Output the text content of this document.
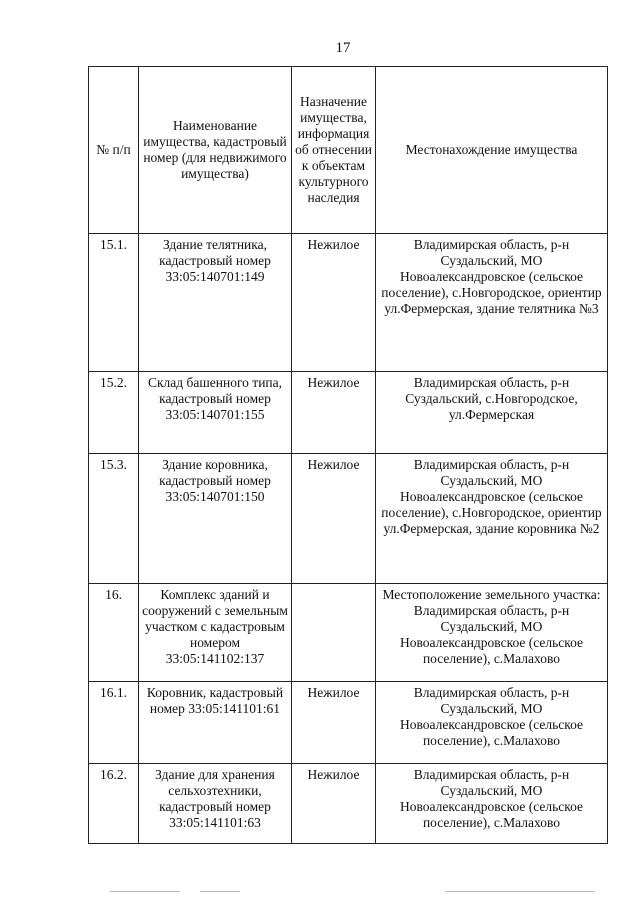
17
№ п/п	Наименование имущества, кадастровый номер (для недвижимого имущества)	Назначение имущества, информация об отнесении к объектам культурного наследия	Местонахождение имущества
15.1.	Здание телятника, кадастровый номер 33:05:140701:149	Нежилое	Владимирская область, р-н Суздальский, МО Новоалександровское (сельское поселение), с.Новгородское, ориентир ул.Фермерская, здание телятника №3
15.2.	Склад башенного типа, кадастровый номер 33:05:140701:155	Нежилое	Владимирская область, р-н Суздальский, с.Новгородское, ул.Фермерская
15.3.	Здание коровника, кадастровый номер 33:05:140701:150	Нежилое	Владимирская область, р-н Суздальский, МО Новоалександровское (сельское поселение), с.Новгородское, ориентир ул.Фермерская, здание коровника №2
16.	Комплекс зданий и сооружений с земельным участком с кадастровым номером 33:05:141102:137		Местоположение земельного участка: Владимирская область, р-н Суздальский, МО Новоалександровское (сельское поселение), с.Малахово
16.1.	Коровник, кадастровый номер 33:05:141101:61	Нежилое	Владимирская область, р-н Суздальский, МО Новоалександровское (сельское поселение), с.Малахово
16.2.	Здание для хранения сельхозтехники, кадастровый номер 33:05:141101:63	Нежилое	Владимирская область, р-н Суздальский, МО Новоалександровское (сельское поселение), с.Малахово
